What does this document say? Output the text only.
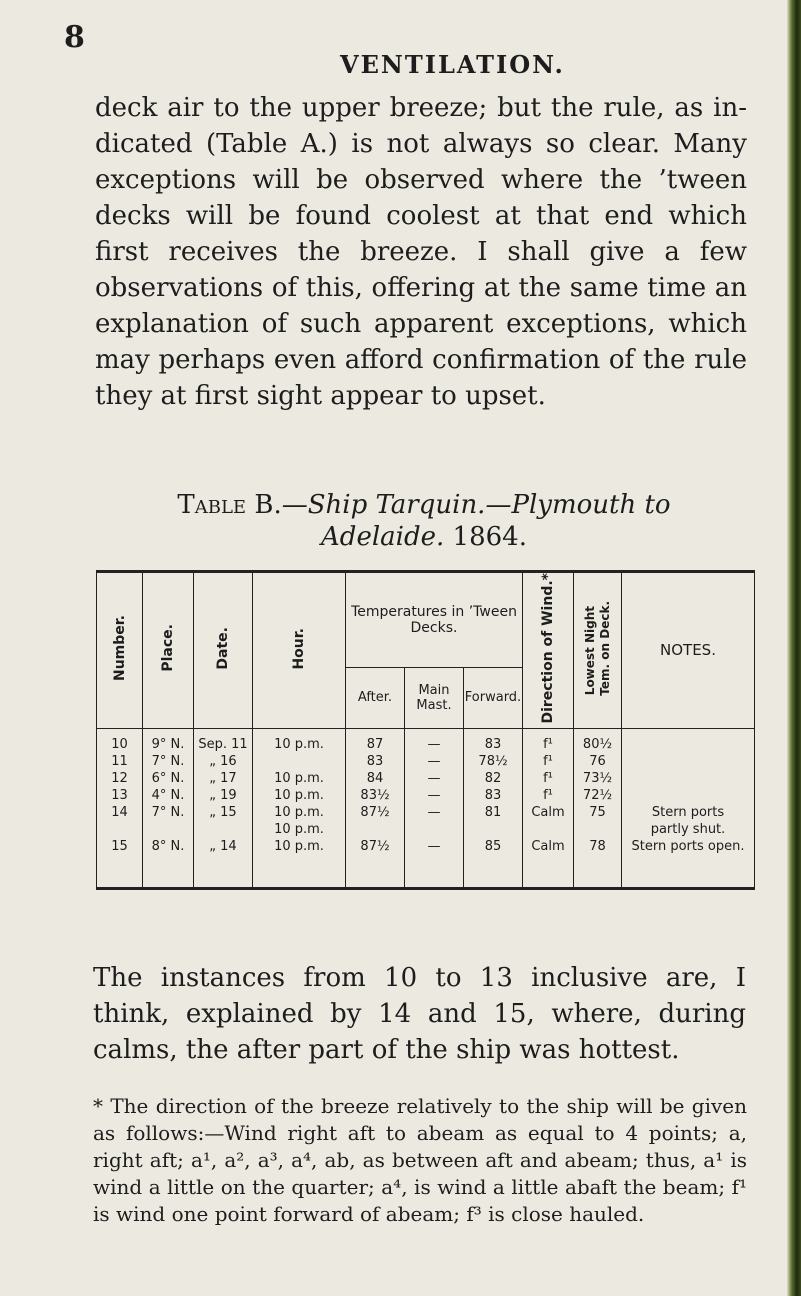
8
VENTILATION.
deck air to the upper breeze; but the rule, as indicated (Table A.) is not always so clear. Many exceptions will be observed where the ’tween decks will be found coolest at that end which first receives the breeze. I shall give a few observations of this, offering at the same time an explanation of such apparent exceptions, which may perhaps even afford confirmation of the rule they at first sight appear to upset.
Table B.—Ship Tarquin.—Plymouth to
Adelaide. 1864.
Number.	Place.	Date.	Hour.	Temperatures in ’Tween Decks.			Direction of Wind.*	Lowest NightTem. on Deck.	NOTES.
				After.	Main Mast.	Forward.			
10	9° N.	Sep. 11	10 p.m.	87	—	83	f¹	80½	
11	7° N.	„ 16		83	—	78½	f¹	76	
12	6° N.	„ 17	10 p.m.	84	—	82	f¹	73½	
13	4° N.	„ 19	10 p.m.	83½	—	83	f¹	72½	
14	7° N.	„ 15	10 p.m.	87½	—	81	Calm	75	Stern ports
			10 p.m.						partly shut.
15	8° N.	„ 14	10 p.m.	87½	—	85	Calm	78	Stern ports open.
The instances from 10 to 13 inclusive are, I think, explained by 14 and 15, where, during calms, the after part of the ship was hottest.
* The direction of the breeze relatively to the ship will be given as follows:—Wind right aft to abeam as equal to 4 points; a, right aft; a¹, a², a³, a⁴, ab, as between aft and abeam; thus, a¹ is wind a little on the quarter; a⁴, is wind a little abaft the beam; f¹ is wind one point forward of abeam; f³ is close hauled.
